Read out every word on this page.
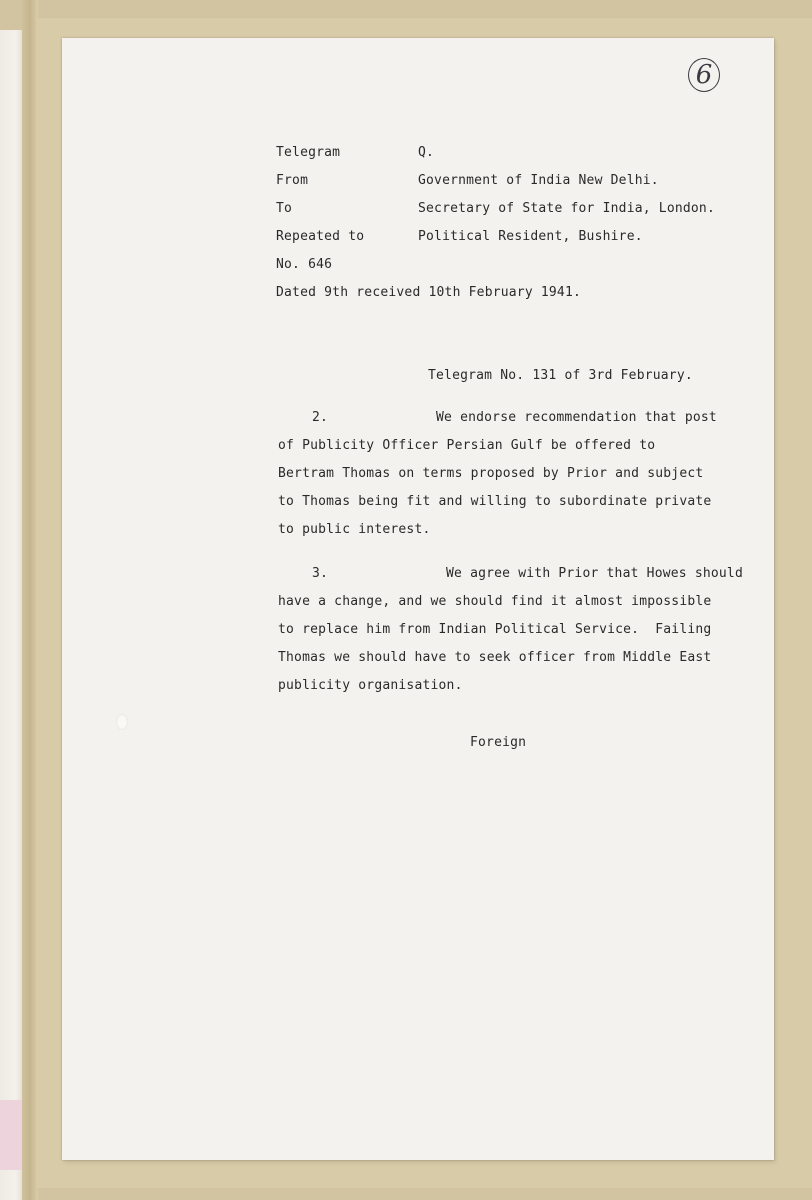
6
Telegram	Q.
From	Government of India New Delhi.
To	Secretary of State for India, London.
Repeated to	Political Resident, Bushire.
No. 646
Dated 9th received 10th February 1941.
Telegram No. 131 of 3rd February.
2.	We endorse recommendation that post
of Publicity Officer Persian Gulf be offered to
Bertram Thomas on terms proposed by Prior and subject
to Thomas being fit and willing to subordinate private
to public interest.
3.	We agree with Prior that Howes should
have a change, and we should find it almost impossible
to replace him from Indian Political Service.  Failing
Thomas we should have to seek officer from Middle East
publicity organisation.
Foreign
